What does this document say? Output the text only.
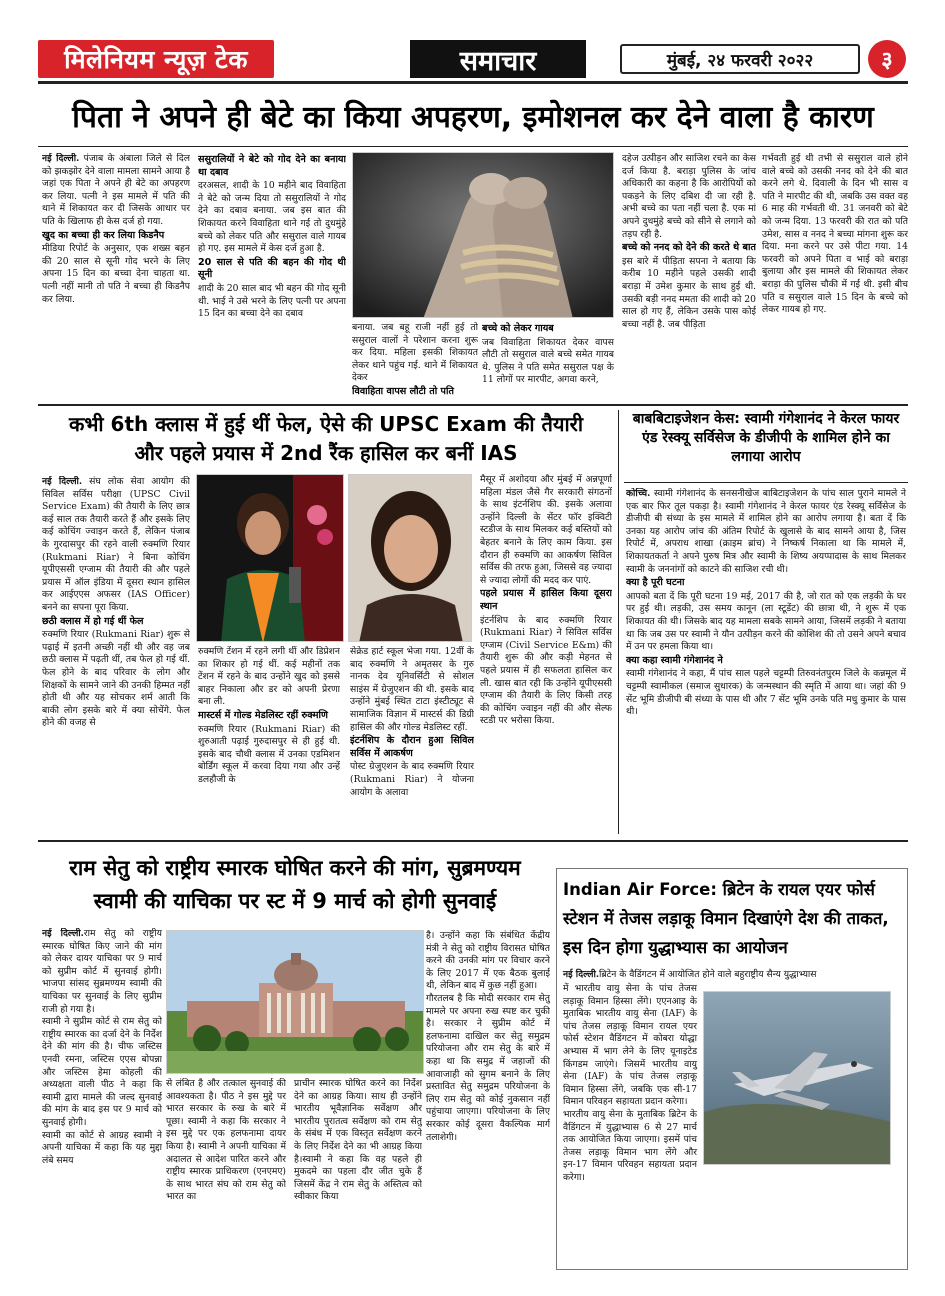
मिलेनियम न्यूज़ टेक	समाचार	मुंबई, २४ फरवरी २०२२	३
पिता ने अपने ही बेटे का किया अपहरण, इमोशनल कर देने वाला है कारण

नई दिल्ली. पंजाब के अंबाला जिले से दिल को झकझोर देने वाला मामला सामने आया है जहां एक पिता ने अपने ही बेटे का अपहरण कर लिया. पत्नी ने इस मामले में पति की थाने में शिकायत कर दी जिसके आधार पर पति के खिलाफ ही केस दर्ज हो गया.

खुद का बच्चा ही कर लिया किडनैप

मीडिया रिपोर्ट के अनुसार, एक शख्स बहन की 20 साल से सूनी गोद भरने के लिए अपना 15 दिन का बच्चा देना चाहता था. पत्नी नहीं मानी तो पति ने बच्चा ही किडनैप कर लिया.

ससुरालियों ने बेटे को गोद देने का बनाया था दबाव

दरअसल, शादी के 10 महीने बाद विवाहिता ने बेटे को जन्म दिया तो ससुरालियों ने गोद देने का दबाव बनाया. जब इस बात की शिकायत करने विवाहिता थाने गई तो दुधमुंहे बच्चे को लेकर पति और ससुराल वाले गायब हो गए. इस मामले में केस दर्ज हुआ है.

20 साल से पति की बहन की गोद थी सूनी

शादी के 20 साल बाद भी बहन की गोद सूनी थी. भाई ने उसे भरने के लिए पत्नी पर अपना 15 दिन का बच्चा देने का दबाव

बनाया. जब बहू राजी नहीं हुई तो ससुराल वालों ने परेशान करना शुरू कर दिया. महिला इसकी शिकायत लेकर थाने पहुंच गई. थाने में शिकायत देकर

विवाहिता वापस लौटी तो पति
बच्चे को लेकर गायब

जब विवाहिता शिकायत देकर वापस लौटी तो ससुराल वाले बच्चे समेत गायब थे. पुलिस ने पति समेत ससुराल पक्ष के 11 लोगों पर मारपीट, अगवा करने,

दहेज उत्पीड़न और साजिश रचने का केस दर्ज किया है. बराड़ा पुलिस के जांच अधिकारी का कहना है कि आरोपियों को पकड़ने के लिए दबिश दी जा रही है. अभी बच्चे का पता नहीं चला है. एक मां अपने दुधमुंहे बच्चे को सीने से लगाने को तड़प रही है.

बच्चे को ननद को देने की करते थे बात

इस बारे में पीड़िता सपना ने बताया कि करीब 10 महीने पहले उसकी शादी बराड़ा में उमेश कुमार के साथ हुई थी. उसकी बड़ी ननद ममता की शादी को 20 साल हो गए हैं, लेकिन उसके पास कोई बच्चा नहीं है. जब पीड़िता

गर्भवती हुई थी तभी से ससुराल वाले होने वाले बच्चे को उसकी ननद को देने की बात करने लगे थे. दिवाली के दिन भी सास व पति ने मारपीट की थी, जबकि उस वक्त वह 6 माह की गर्भवती थी. 31 जनवरी को बेटे को जन्म दिया. 13 फरवरी की रात को पति उमेश, सास व ननद ने बच्चा मांगना शुरू कर दिया. मना करने पर उसे पीटा गया. 14 फरवरी को अपने पिता व भाई को बराड़ा बुलाया और इस मामले की शिकायत लेकर बराड़ा की पुलिस चौकी में गई थी. इसी बीच पति व ससुराल वाले 15 दिन के बच्चे को लेकर गायब हो गए.

कभी 6th क्लास में हुई थीं फेल, ऐसे की UPSC Exam की तैयारी
और पहले प्रयास में 2nd रैंक हासिल कर बनीं IAS

नई दिल्ली. संघ लोक सेवा आयोग की सिविल सर्विस परीक्षा (UPSC Civil Service Exam) की तैयारी के लिए छात्र कई साल तक तैयारी करते हैं और इसके लिए कई कोचिंग ज्वाइन करते हैं, लेकिन पंजाब के गुरदासपुर की रहने वाली रुक्मणि रियार (Rukmani Riar) ने बिना कोचिंग यूपीएससी एग्जाम की तैयारी की और पहले प्रयास में ऑल इंडिया में दूसरा स्थान हासिल कर आईएएस अफसर (IAS Officer) बनने का सपना पूरा किया.

छठी क्लास में हो गई थीं फेल

रुक्मणि रियार (Rukmani Riar) शुरू से पढ़ाई में इतनी अच्छी नहीं थी और वह जब छठी क्लास में पढ़ती थीं, तब फेल हो गई थीं. फेल होने के बाद परिवार के लोग और शिक्षकों के सामने जाने की उनकी हिम्मत नहीं होती थी और यह सोचकर शर्म आती कि बाकी लोग इसके बारे में क्या सोचेंगे. फेल होने की वजह से

रुक्मणि टेंशन में रहने लगी थीं और डिप्रेशन का शिकार हो गई थीं. कई महीनों तक टेंशन में रहने के बाद उन्होंने खुद को इससे बाहर निकाला और डर को अपनी प्रेरणा बना ली.

मास्टर्स में गोल्ड मेडलिस्ट रहीं रुक्मणि

रुक्मणि रियार (Rukmani Riar) की शुरुआती पढ़ाई गुरुदासपुर से ही हुई थी. इसके बाद चौथी क्लास में उनका एडमिशन बोर्डिंग स्कूल में करवा दिया गया और उन्हें डलहौजी के

सेक्रेड हार्ट स्कूल भेजा गया. 12वीं के बाद रुक्मणि ने अमृतसर के गुरु नानक देव यूनिवर्सिटी से सोशल साइंस में ग्रेजुएशन की थी. इसके बाद उन्होंने मुंबई स्थित टाटा इंस्टीट्यूट से सामाजिक विज्ञान में मास्टर्स की डिग्री हासिल की और गोल्ड मेडलिस्ट रहीं.

इंटर्नशिप के दौरान हुआ सिविल सर्विस में आकर्षण

पोस्ट ग्रेजुएशन के बाद रुक्मणि रियार (Rukmani Riar) ने योजना आयोग के अलावा

मैसूर में अशोदया और मुंबई में अन्नपूर्णा महिला मंडल जैसे गैर सरकारी संगठनों के साथ इंटर्नशिप की. इसके अलावा उन्होंने दिल्ली के सेंटर फॉर इक्विटी स्टडीज के साथ मिलकर कई बस्तियों को बेहतर बनाने के लिए काम किया. इस दौरान ही रुक्मणि का आकर्षण सिविल सर्विस की तरफ हुआ, जिससे वह ज्यादा से ज्यादा लोगों की मदद कर पाएं.

पहले प्रयास में हासिल किया दूसरा स्थान

इंटर्नशिप के बाद रुक्मणि रियार (Rukmani Riar) ने सिविल सर्विस एग्जाम (Civil Service E&m) की तैयारी शुरू की और कड़ी मेहनत से पहले प्रयास में ही सफलता हासिल कर ली. खास बात रही कि उन्होंने यूपीएससी एग्जाम की तैयारी के लिए किसी तरह की कोचिंग ज्वाइन नहीं की और सेल्फ स्टडी पर भरोसा किया.

बाबबिटाइजेशन केस: स्वामी गंगेशानंद ने केरल फायर एंड रेस्क्यू सर्विसेज के डीजीपी के शामिल होने का लगाया आरोप

कोच्चि. स्वामी गंगेशानंद के सनसनीखेज बाबिटाइजेशन के पांच साल पुराने मामले ने एक बार फिर तूल पकड़ा है। स्वामी गंगेशानंद ने केरल फायर एंड रेस्क्यू सर्विसेज के डीजीपी बी संध्या के इस मामले में शामिल होने का आरोप लगाया है। बता दें कि उनका यह आरोप जांच की अंतिम रिपोर्ट के खुलासे के बाद सामने आया है, जिस रिपोर्ट में, अपराध शाखा (क्राइम ब्रांच) ने निष्कर्ष निकाला था कि मामले में, शिकायतकर्ता ने अपने पुरुष मित्र और स्वामी के शिष्य अयप्पादास के साथ मिलकर स्वामी के जननांगों को काटने की साजिश रची थी।

क्या है पूरी घटना

आपको बता दें कि पूरी घटना 19 मई, 2017 की है, जो रात को एक लड़की के घर पर हुई थी। लड़की, उस समय कानून (ला स्टूडेंट) की छात्रा थी, ने शुरू में एक शिकायत की थी। जिसके बाद यह मामला सबके सामने आया, जिसमें लड़की ने बताया था कि जब उस पर स्वामी ने यौन उत्पीड़न करने की कोशिश की तो उसने अपने बचाव में उन पर हमला किया था।

क्या कहा स्वामी गंगेशानंद ने

स्वामी गंगेशानंद ने कहा, मैं पांच साल पहले चट्टम्पी तिरुवनंतपुरम जिले के कन्नमूल में चट्टम्पी स्वामीकल (समाज सुधारक) के जन्मस्थान की स्मृति में आया था। जहां की 9 सेंट भूमि डीजीपी बी संध्या के पास थी और 7 सेंट भूमि उनके पति मधु कुमार के पास थी।

राम सेतु को राष्ट्रीय स्मारक घोषित करने की मांग, सुब्रमण्यम
स्वामी की याचिका पर स्ट में 9 मार्च को होगी सुनवाई

नई दिल्ली.राम सेतु को राष्ट्रीय स्मारक घोषित किए जाने की मांग को लेकर दायर याचिका पर 9 मार्च को सुप्रीम कोर्ट में सुनवाई होगी। भाजपा सांसद सुब्रमण्यम स्वामी की याचिका पर सुनवाई के लिए सुप्रीम राजी हो गया है।

स्वामी ने सुप्रीम कोर्ट से राम सेतु को राष्ट्रीय स्मारक का दर्जा देने के निर्देश देने की मांग की है। चीफ जस्टिस एनवी रमना, जस्टिस एएस बोपन्ना और जस्टिस हेमा कोहली की अध्यक्षता वाली पीठ ने कहा कि स्वामी द्वारा मामले की जल्द सुनवाई की मांग के बाद इस पर 9 मार्च को सुनवाई होगी।

स्वामी का कोर्ट से आग्रह स्वामी ने अपनी याचिका में कहा कि यह मुद्दा लंबे समय

से लंबित है और तत्काल सुनवाई की आवश्यकता है। पीठ ने इस मुद्दे पर भारत सरकार के रुख के बारे में पूछा। स्वामी ने कहा कि सरकार ने इस मुद्दे पर एक हलफनामा दायर किया है। स्वामी ने अपनी याचिका में अदालत से आदेश पारित करने और राष्ट्रीय स्मारक प्राधिकरण (एनएमए) के साथ भारत संघ को राम सेतु को भारत का

प्राचीन स्मारक घोषित करने का निर्देश देने का आग्रह किया। साथ ही उन्होंने भारतीय भूवैज्ञानिक सर्वेक्षण और भारतीय पुरातत्व सर्वेक्षण को राम सेतु के संबंध में एक विस्तृत सर्वेक्षण करने के लिए निर्देश देने का भी आग्रह किया है।स्वामी ने कहा कि वह पहले ही मुकदमे का पहला दौर जीत चुके हैं जिसमें केंद्र ने राम सेतु के अस्तित्व को स्वीकार किया

है। उन्होंने कहा कि संबंधित केंद्रीय मंत्री ने सेतु को राष्ट्रीय विरासत घोषित करने की उनकी मांग पर विचार करने के लिए 2017 में एक बैठक बुलाई थी, लेकिन बाद में कुछ नहीं हुआ।

गौरतलब है कि मोदी सरकार राम सेतु मामले पर अपना रुख स्पष्ट कर चुकी है। सरकार ने सुप्रीम कोर्ट में हलफनामा दाखिल कर सेतु समुद्रम परियोजना और राम सेतु के बारे में कहा था कि समुद्र में जहाजों की आवाजाही को सुगम बनाने के लिए प्रस्तावित सेतु समुद्रम परियोजना के लिए राम सेतु को कोई नुकसान नहीं पहुंचाया जाएगा। परियोजना के लिए सरकार कोई दूसरा वैकल्पिक मार्ग तलाशेगी।

Indian Air Force: ब्रिटेन के रायल एयर फोर्स स्टेशन में तेजस लड़ाकू विमान दिखाएंगे देश की ताकत, इस दिन होगा युद्धाभ्यास का आयोजन

नई दिल्ली.ब्रिटेन के वैडिंगटन में आयोजित होने वाले बहुराष्ट्रीय सैन्य युद्धाभ्यास

में भारतीय वायु सेना के पांच तेजस लड़ाकू विमान हिस्सा लेंगे। एएनआइ के मुताबिक भारतीय वायु सेना (IAF) के पांच तेजस लड़ाकू विमान रायल एयर फोर्स स्टेशन वैडिंगटन में कोबरा योद्धा अभ्यास में भाग लेने के लिए यूनाइटेड किंगडम जाएंगे। जिसमें भारतीय वायु सेना (IAF) के पांच तेजस लड़ाकू विमान हिस्सा लेंगे, जबकि एक सी-17 विमान परिवहन सहायता प्रदान करेगा।

भारतीय वायु सेना के मुताबिक ब्रिटेन के वैडिंगटन में युद्धाभ्यास 6 से 27 मार्च तक आयोजित किया जाएगा। इसमें पांच तेजस लड़ाकू विमान भाग लेंगे और इन-17 विमान परिवहन सहायता प्रदान करेगा।
